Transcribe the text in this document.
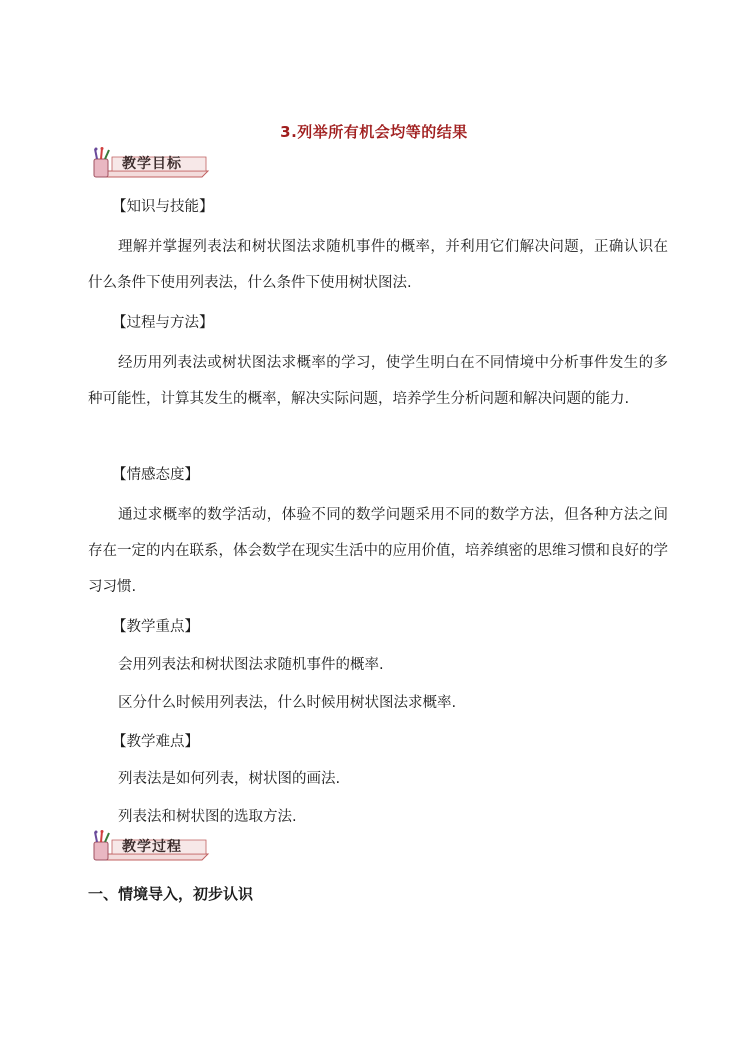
3.列举所有机会均等的结果
教学目标
【知识与技能】

理解并掌握列表法和树状图法求随机事件的概率，并利用它们解决问题，正确认识在什么条件下使用列表法，什么条件下使用树状图法.

【过程与方法】

经历用列表法或树状图法求概率的学习，使学生明白在不同情境中分析事件发生的多种可能性，计算其发生的概率，解决实际问题，培养学生分析问题和解决问题的能力.

【情感态度】

通过求概率的数学活动，体验不同的数学问题采用不同的数学方法，但各种方法之间存在一定的内在联系，体会数学在现实生活中的应用价值，培养缜密的思维习惯和良好的学习习惯.

【教学重点】

会用列表法和树状图法求随机事件的概率.

区分什么时候用列表法，什么时候用树状图法求概率.

【教学难点】

列表法是如何列表，树状图的画法.

列表法和树状图的选取方法.

教学过程
一、情境导入，初步认识
